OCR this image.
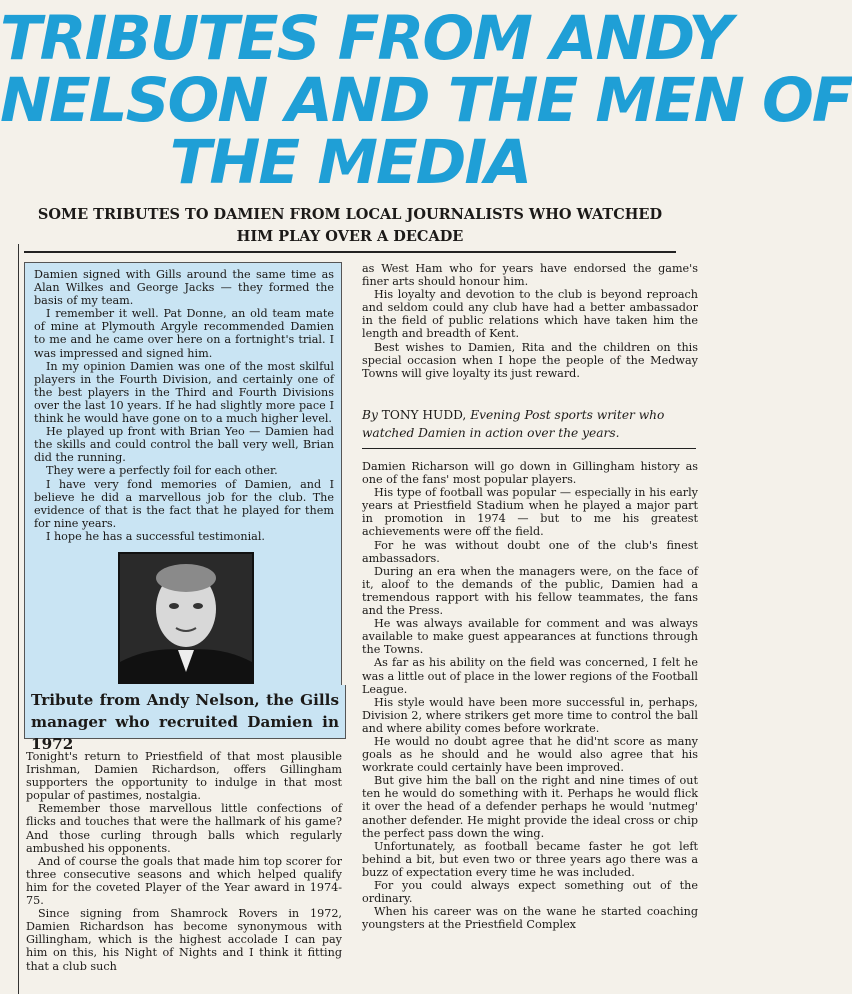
TRIBUTES FROM ANDY
NELSON AND THE MEN OF
THE MEDIA
SOME TRIBUTES TO DAMIEN FROM LOCAL JOURNALISTS WHO WATCHED HIM PLAY OVER A DECADE

Damien signed with Gills around the same time as Alan Wilkes and George Jacks — they formed the basis of my team.

I remember it well. Pat Donne, an old team mate of mine at Plymouth Argyle recommended Damien to me and he came over here on a fortnight's trial. I was impressed and signed him.

In my opinion Damien was one of the most skilful players in the Fourth Division, and certainly one of the best players in the Third and Fourth Divisions over the last 10 years. If he had slightly more pace I think he would have gone on to a much higher level.

He played up front with Brian Yeo — Damien had the skills and could control the ball very well, Brian did the running.

They were a perfectly foil for each other.

I have very fond memories of Damien, and I believe he did a marvellous job for the club. The evidence of that is the fact that he played for them for nine years.

I hope he has a successful testimonial.

Tribute from Andy Nelson, the Gills manager who recruited Damien in 1972

Tonight's return to Priestfield of that most plausible Irishman, Damien Richardson, offers Gillingham supporters the opportunity to indulge in that most popular of pastimes, nostalgia.

Remember those marvellous little confections of flicks and touches that were the hallmark of his game? And those curling through balls which regularly ambushed his opponents.

And of course the goals that made him top scorer for three consecutive seasons and which helped qualify him for the coveted Player of the Year award in 1974-75.

Since signing from Shamrock Rovers in 1972, Damien Richardson has become synonymous with Gillingham, which is the highest accolade I can pay him on this, his Night of Nights and I think it fitting that a club such

as West Ham who for years have endorsed the game's finer arts should honour him.

His loyalty and devotion to the club is beyond reproach and seldom could any club have had a better ambassador in the field of public relations which have taken him the length and breadth of Kent.

Best wishes to Damien, Rita and the children on this special occasion when I hope the people of the Medway Towns will give loyalty its just reward.

By TONY HUDD, Evening Post sports writer who watched Damien in action over the years.

Damien Richarson will go down in Gillingham history as one of the fans' most popular players.

His type of football was popular — especially in his early years at Priestfield Stadium when he played a major part in promotion in 1974 — but to me his greatest achievements were off the field.

For he was without doubt one of the club's finest ambassadors.

During an era when the managers were, on the face of it, aloof to the demands of the public, Damien had a tremendous rapport with his fellow teammates, the fans and the Press.

He was always available for comment and was always available to make guest appearances at functions through the Towns.

As far as his ability on the field was concerned, I felt he was a little out of place in the lower regions of the Football League.

His style would have been more successful in, perhaps, Division 2, where strikers get more time to control the ball and where ability comes before workrate.

He would no doubt agree that he did'nt score as many goals as he should and he would also agree that his workrate could certainly have been improved.

But give him the ball on the right and nine times of out ten he would do something with it. Perhaps he would flick it over the head of a defender perhaps he would 'nutmeg' another defender. He might provide the ideal cross or chip the perfect pass down the wing.

Unfortunately, as football became faster he got left behind a bit, but even two or three years ago there was a buzz of expectation every time he was included.

For you could always expect something out of the ordinary.

When his career was on the wane he started coaching youngsters at the Priestfield Complex
